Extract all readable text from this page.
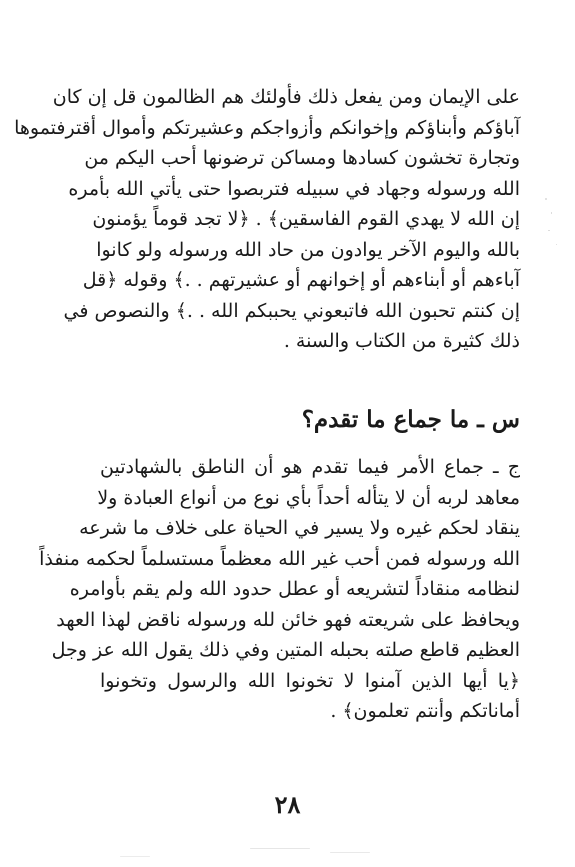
على الإيمان ومن يفعل ذلك فأولئك هم الظالمون قل إن كان
آباؤكم وأبناؤكم وإخوانكم وأزواجكم وعشيرتكم وأموال أقترفتموها
وتجارة تخشون كسادها ومساكن ترضونها أحب اليكم من
الله ورسوله وجهاد في سبيله فتربصوا حتى يأتي الله بأمره
إن الله لا يهدي القوم الفاسقين﴾ . ﴿لا تجد قوماً يؤمنون
بالله واليوم الآخر يوادون من حاد الله ورسوله ولو كانوا
آباءهم أو أبناءهم أو إخوانهم أو عشيرتهم . .﴾ وقوله ﴿قل
إن كنتم تحبون الله فاتبعوني يحببكم الله . .﴾ والنصوص في
ذلك كثيرة من الكتاب والسنة .
س ـ ما جماع ما تقدم؟
ج ـ جماع الأمر فيما تقدم هو أن الناطق بالشهادتين
معاهد لربه أن لا يتأله أحداً بأي نوع من أنواع العبادة ولا
ينقاد لحكم غيره ولا يسير في الحياة على خلاف ما شرعه
الله ورسوله فمن أحب غير الله معظماً مستسلماً لحكمه منفذاً
لنظامه منقاداً لتشريعه أو عطل حدود الله ولم يقم بأوامره
ويحافظ على شريعته فهو خائن لله ورسوله ناقض لهذا العهد
العظيم قاطع صلته بحبله المتين وفي ذلك يقول الله عز وجل
﴿يا أيها الذين آمنوا لا تخونوا الله والرسول وتخونوا
أماناتكم وأنتم تعلمون﴾ .
٢٨
